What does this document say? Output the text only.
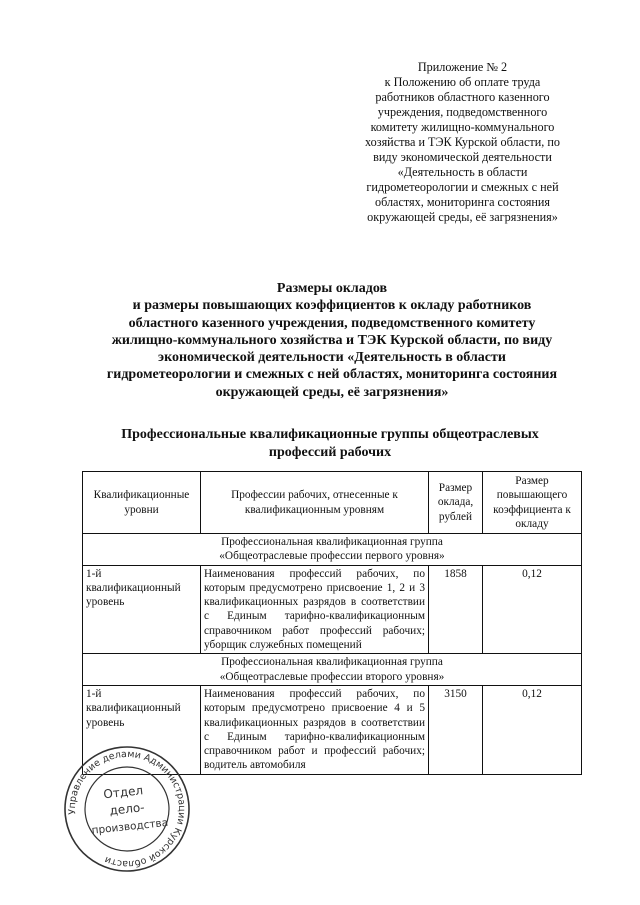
Приложение № 2
к Положению об оплате труда
работников областного казенного
учреждения, подведомственного
комитету жилищно-коммунального
хозяйства и ТЭК Курской области, по
виду экономической деятельности
«Деятельность в области
гидрометеорологии и смежных с ней
областях, мониторинга состояния
окружающей среды, её загрязнения»
Размеры окладов
и размеры повышающих коэффициентов к окладу работников
областного казенного учреждения, подведомственного комитету
жилищно-коммунального хозяйства и ТЭК Курской области, по виду
экономической деятельности «Деятельность в области
гидрометеорологии и смежных с ней областях, мониторинга состояния
окружающей среды, её загрязнения»
Профессиональные квалификационные группы общеотраслевых
профессий рабочих
Квалификационные уровни	Профессии рабочих, отнесенные к квалификационным уровням	Размер оклада, рублей	Размер повышающего коэффициента к окладу

Профессиональная квалификационная группа
«Общеотраслевые профессии первого уровня»			

1-й квалификационный уровень	Наименования профессий рабочих, по которым предусмотрено присвоение 1, 2 и 3 квалификационных разрядов в соответствии с Единым тарифно-квалификационным справочником работ профессий рабочих; уборщик служебных помещений	1858	0,12

Профессиональная квалификационная группа
«Общеотраслевые профессии второго уровня»			

1-й квалификационный уровень	Наименования профессий рабочих, по которым предусмотрено присвоение 4 и 5 квалификационных разрядов в соответствии с Единым тарифно-квалификационным справочником работ и профессий рабочих; водитель автомобиля	3150	0,12
Управление делами Администрации Курской области
Отдел
дело-
производства
